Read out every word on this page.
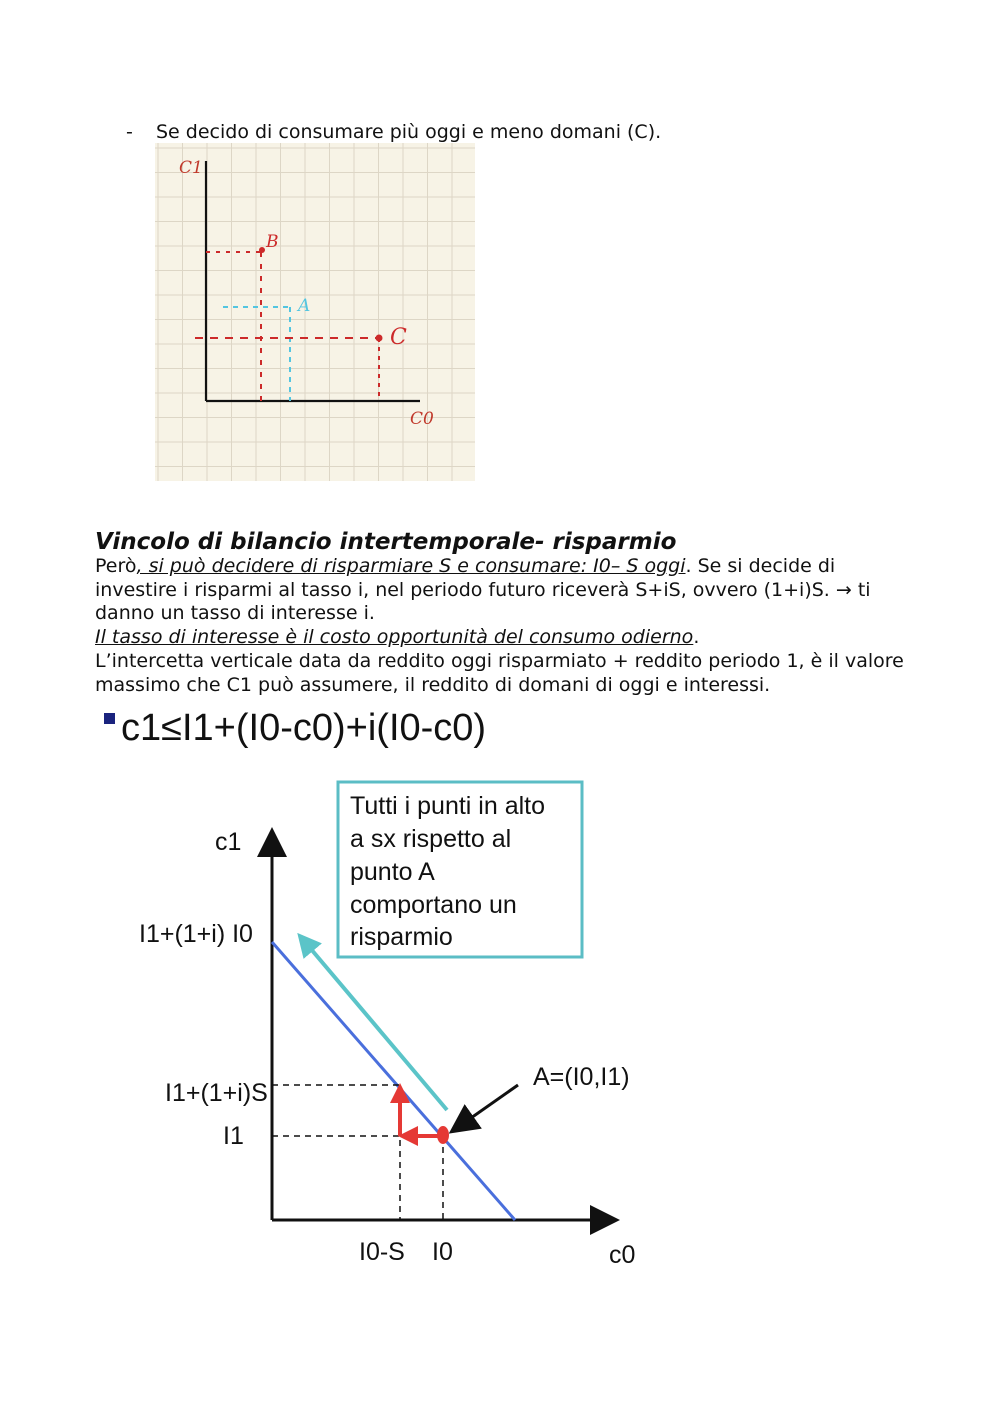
- Se decido di consumare più oggi e meno domani (C).
C1
C0
B
A
C
Vincolo di bilancio intertemporale- risparmio

Però, si può decidere di risparmiare S e consumare: I0– S oggi. Se si decide di investire i risparmi al tasso i, nel periodo futuro riceverà S+iS, ovvero (1+i)S. → ti danno un tasso di interesse i.

Il tasso di interesse è il costo opportunità del consumo odierno.

L’intercetta verticale data da reddito oggi risparmiato + reddito periodo 1, è il valore massimo che C1 può assumere, il reddito di domani di oggi e interessi.

c1≤I1+(I0-c0)+i(I0-c0)
Tutti i punti in alto a sx rispetto al punto A comportano un risparmio
c1
c0
I1+(1+i) I0
I1+(1+i)S
I1
A=(I0,I1)
I0-S I0
